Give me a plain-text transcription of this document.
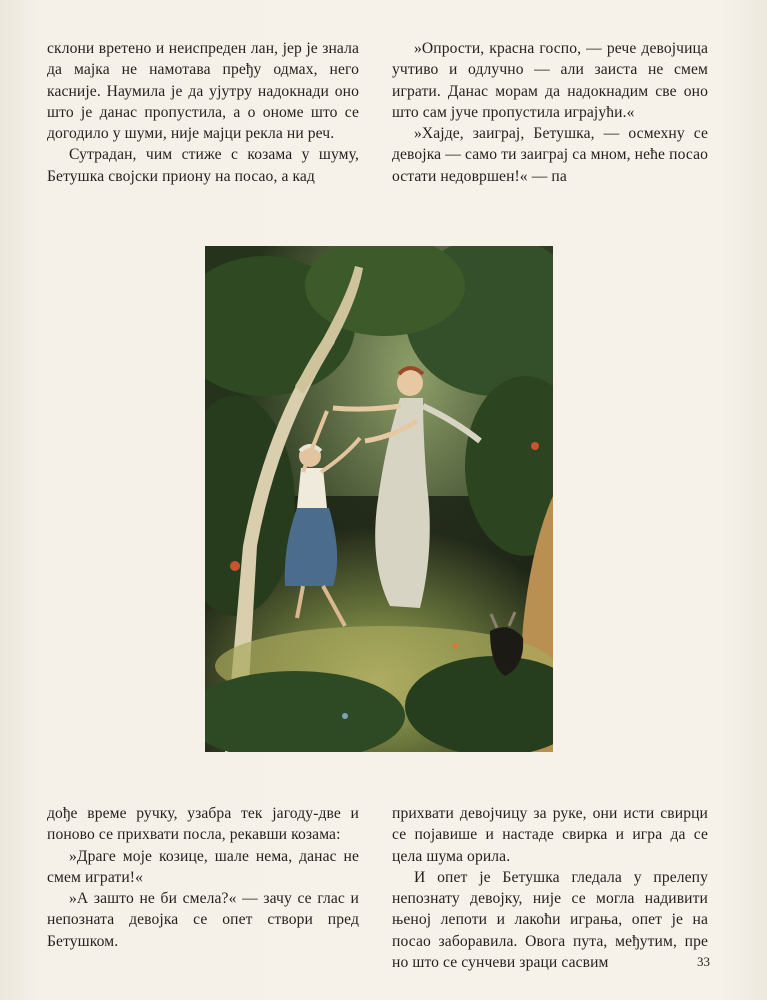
склони вретено и неиспреден лан, јер је знала да мајка не намотава пређу одмах, него касније. Наумила је да ујутру надокнади оно што је данас пропустила, а о ономе што се догодило у шуми, није мајци рекла ни реч.

Сутрадан, чим стиже с козама у шуму, Бетушка својски приону на посао, а кад

»Опрости, красна госпо, — рече девојчица учтиво и одлучно — али заиста не смем играти. Данас морам да надокнадим све оно што сам јуче пропустила играјући.«

»Хајде, заиграј, Бетушка, — осмехну се девојка — само ти заиграј са мном, неће посао остати недовршен!« — па

дође време ручку, узабра тек јагоду-две и поново се прихвати посла, рекавши козама:

»Драге моје козице, шале нема, данас не смем играти!«

»А зашто не би смела?« — зачу се глас и непозната девојка се опет створи пред Бетушком.

прихвати девојчицу за руке, они исти свирци се појавише и настаде свирка и игра да се цела шума орила.

И опет је Бетушка гледала у прелепу непознату девојку, није се могла надивити њеној лепоти и лакоћи играња, опет је на посао заборавила. Овога пута, међутим, пре но што се сунчеви зраци сасвим	33
